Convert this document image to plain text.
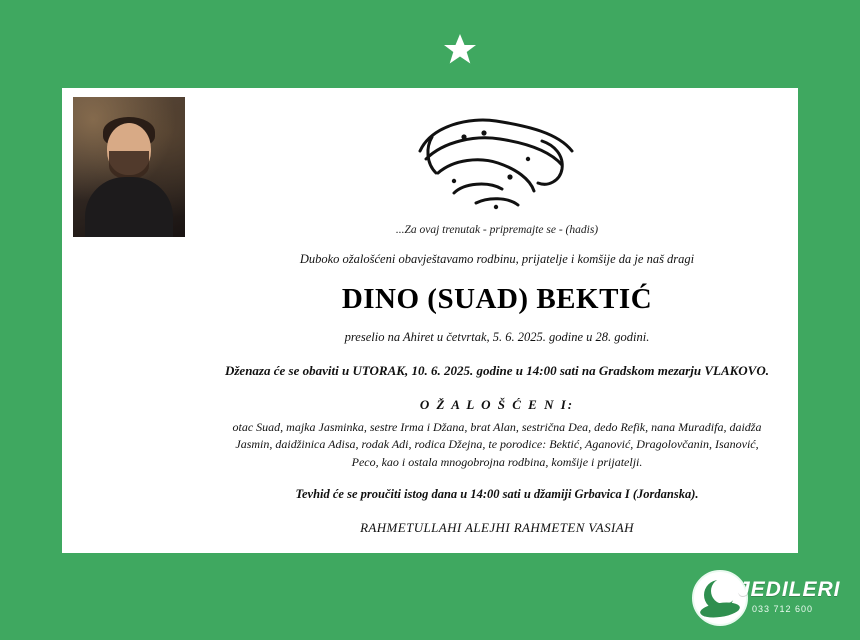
...Za ovaj trenutak - pripremajte se - (hadis)
Duboko ožalošćeni obavještavamo rodbinu, prijatelje i komšije da je naš dragi
DINO (SUAD) BEKTIĆ
preselio na Ahiret u četvrtak, 5. 6. 2025. godine u 28. godini.
Dženaza će se obaviti u UTORAK, 10. 6. 2025. godine u 14:00 sati na Gradskom mezarju VLAKOVO.
O Ž A L O Š Ć E N I:
otac Suad, majka Jasminka, sestre Irma i Džana, brat Alan, sestrična Dea, dedo Refik, nana Muradifa, daidža Jasmin, daidžinica Adisa, rodak Adi, rodica Džejna, te porodice: Bektić, Aganović, Dragolovčanin, Isanović, Peco, kao i ostala mnogobrojna rodbina, komšije i prijatelji.
Tevhid će se proučiti istog dana u 14:00 sati u džamiji Grbavica I (Jordanska).
RAHMETULLAHI ALEJHI RAHMETEN VASIAH
JEDILERI
033 712 600
